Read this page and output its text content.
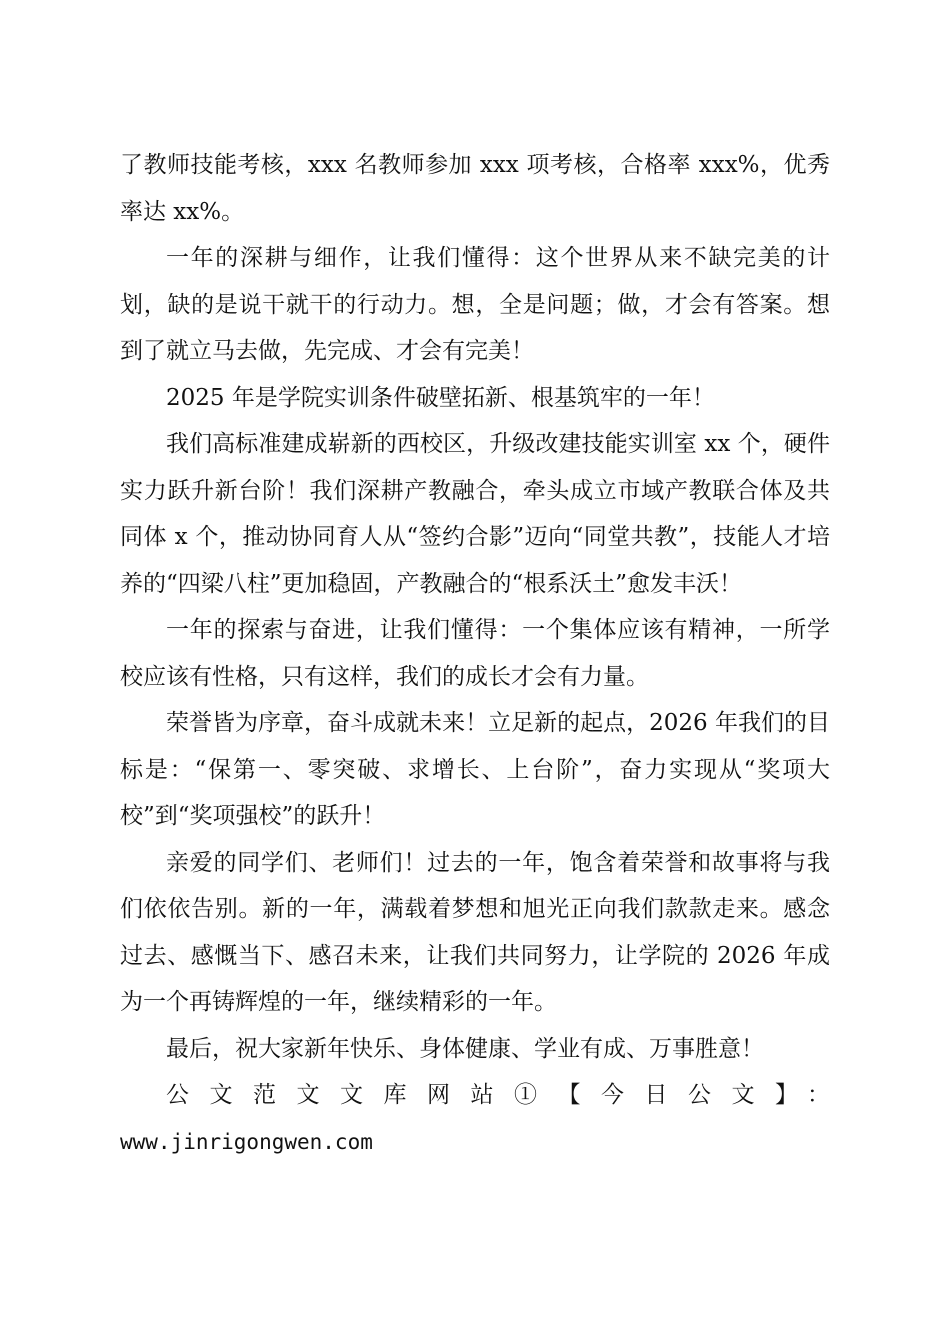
了教师技能考核，xxx 名教师参加 xxx 项考核，合格率 xxx%，优秀率达 xx%。

一年的深耕与细作，让我们懂得：这个世界从来不缺完美的计划，缺的是说干就干的行动力。想，全是问题；做，才会有答案。想到了就立马去做，先完成、才会有完美！

2025 年是学院实训条件破壁拓新、根基筑牢的一年！

我们高标准建成崭新的西校区，升级改建技能实训室 xx 个，硬件实力跃升新台阶！我们深耕产教融合，牵头成立市域产教联合体及共同体 x 个，推动协同育人从“签约合影”迈向“同堂共教”，技能人才培养的“四梁八柱”更加稳固，产教融合的“根系沃土”愈发丰沃！

一年的探索与奋进，让我们懂得：一个集体应该有精神，一所学校应该有性格，只有这样，我们的成长才会有力量。

荣誉皆为序章，奋斗成就未来！立足新的起点，2026 年我们的目标是：“保第一、零突破、求增长、上台阶”，奋力实现从“奖项大校”到“奖项强校”的跃升！

亲爱的同学们、老师们！过去的一年，饱含着荣誉和故事将与我们依依告别。新的一年，满载着梦想和旭光正向我们款款走来。感念过去、感慨当下、感召未来，让我们共同努力，让学院的 2026 年成为一个再铸辉煌的一年，继续精彩的一年。

最后，祝大家新年快乐、身体健康、学业有成、万事胜意！

公文范文文库网站①【今日公文】：

www.jinrigongwen.com
